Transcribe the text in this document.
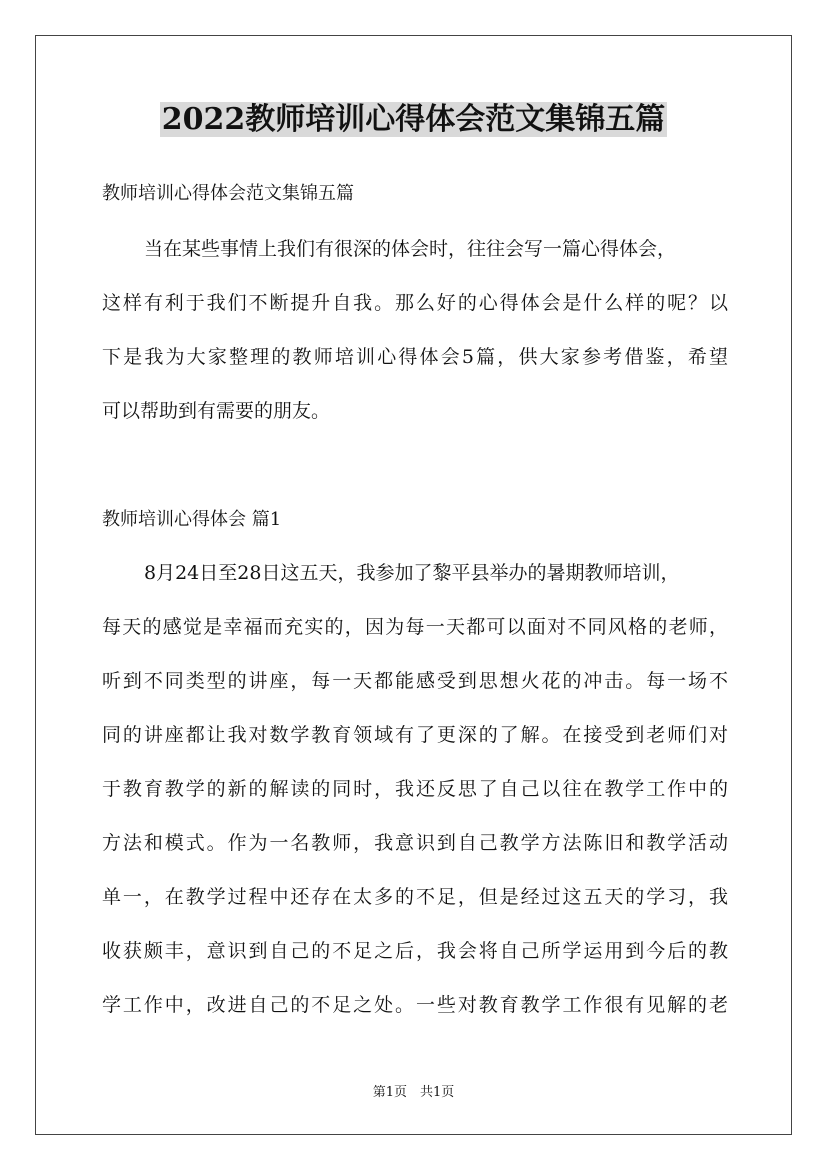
2022教师培训心得体会范文集锦五篇

教师培训心得体会范文集锦五篇

当在某些事情上我们有很深的体会时，往往会写一篇心得体会，
这样有利于我们不断提升自我。那么好的心得体会是什么样的呢？以
下是我为大家整理的教师培训心得体会5篇，供大家参考借鉴，希望
可以帮助到有需要的朋友。

教师培训心得体会 篇1

8月24日至28日这五天，我参加了黎平县举办的暑期教师培训，
每天的感觉是幸福而充实的，因为每一天都可以面对不同风格的老师，
听到不同类型的讲座，每一天都能感受到思想火花的冲击。每一场不
同的讲座都让我对数学教育领域有了更深的了解。在接受到老师们对
于教育教学的新的解读的同时，我还反思了自己以往在教学工作中的
方法和模式。作为一名教师，我意识到自己教学方法陈旧和教学活动
单一，在教学过程中还存在太多的不足，但是经过这五天的学习，我
收获颇丰，意识到自己的不足之后，我会将自己所学运用到今后的教
学工作中，改进自己的不足之处。一些对教育教学工作很有见解的老

第1页　共1页
